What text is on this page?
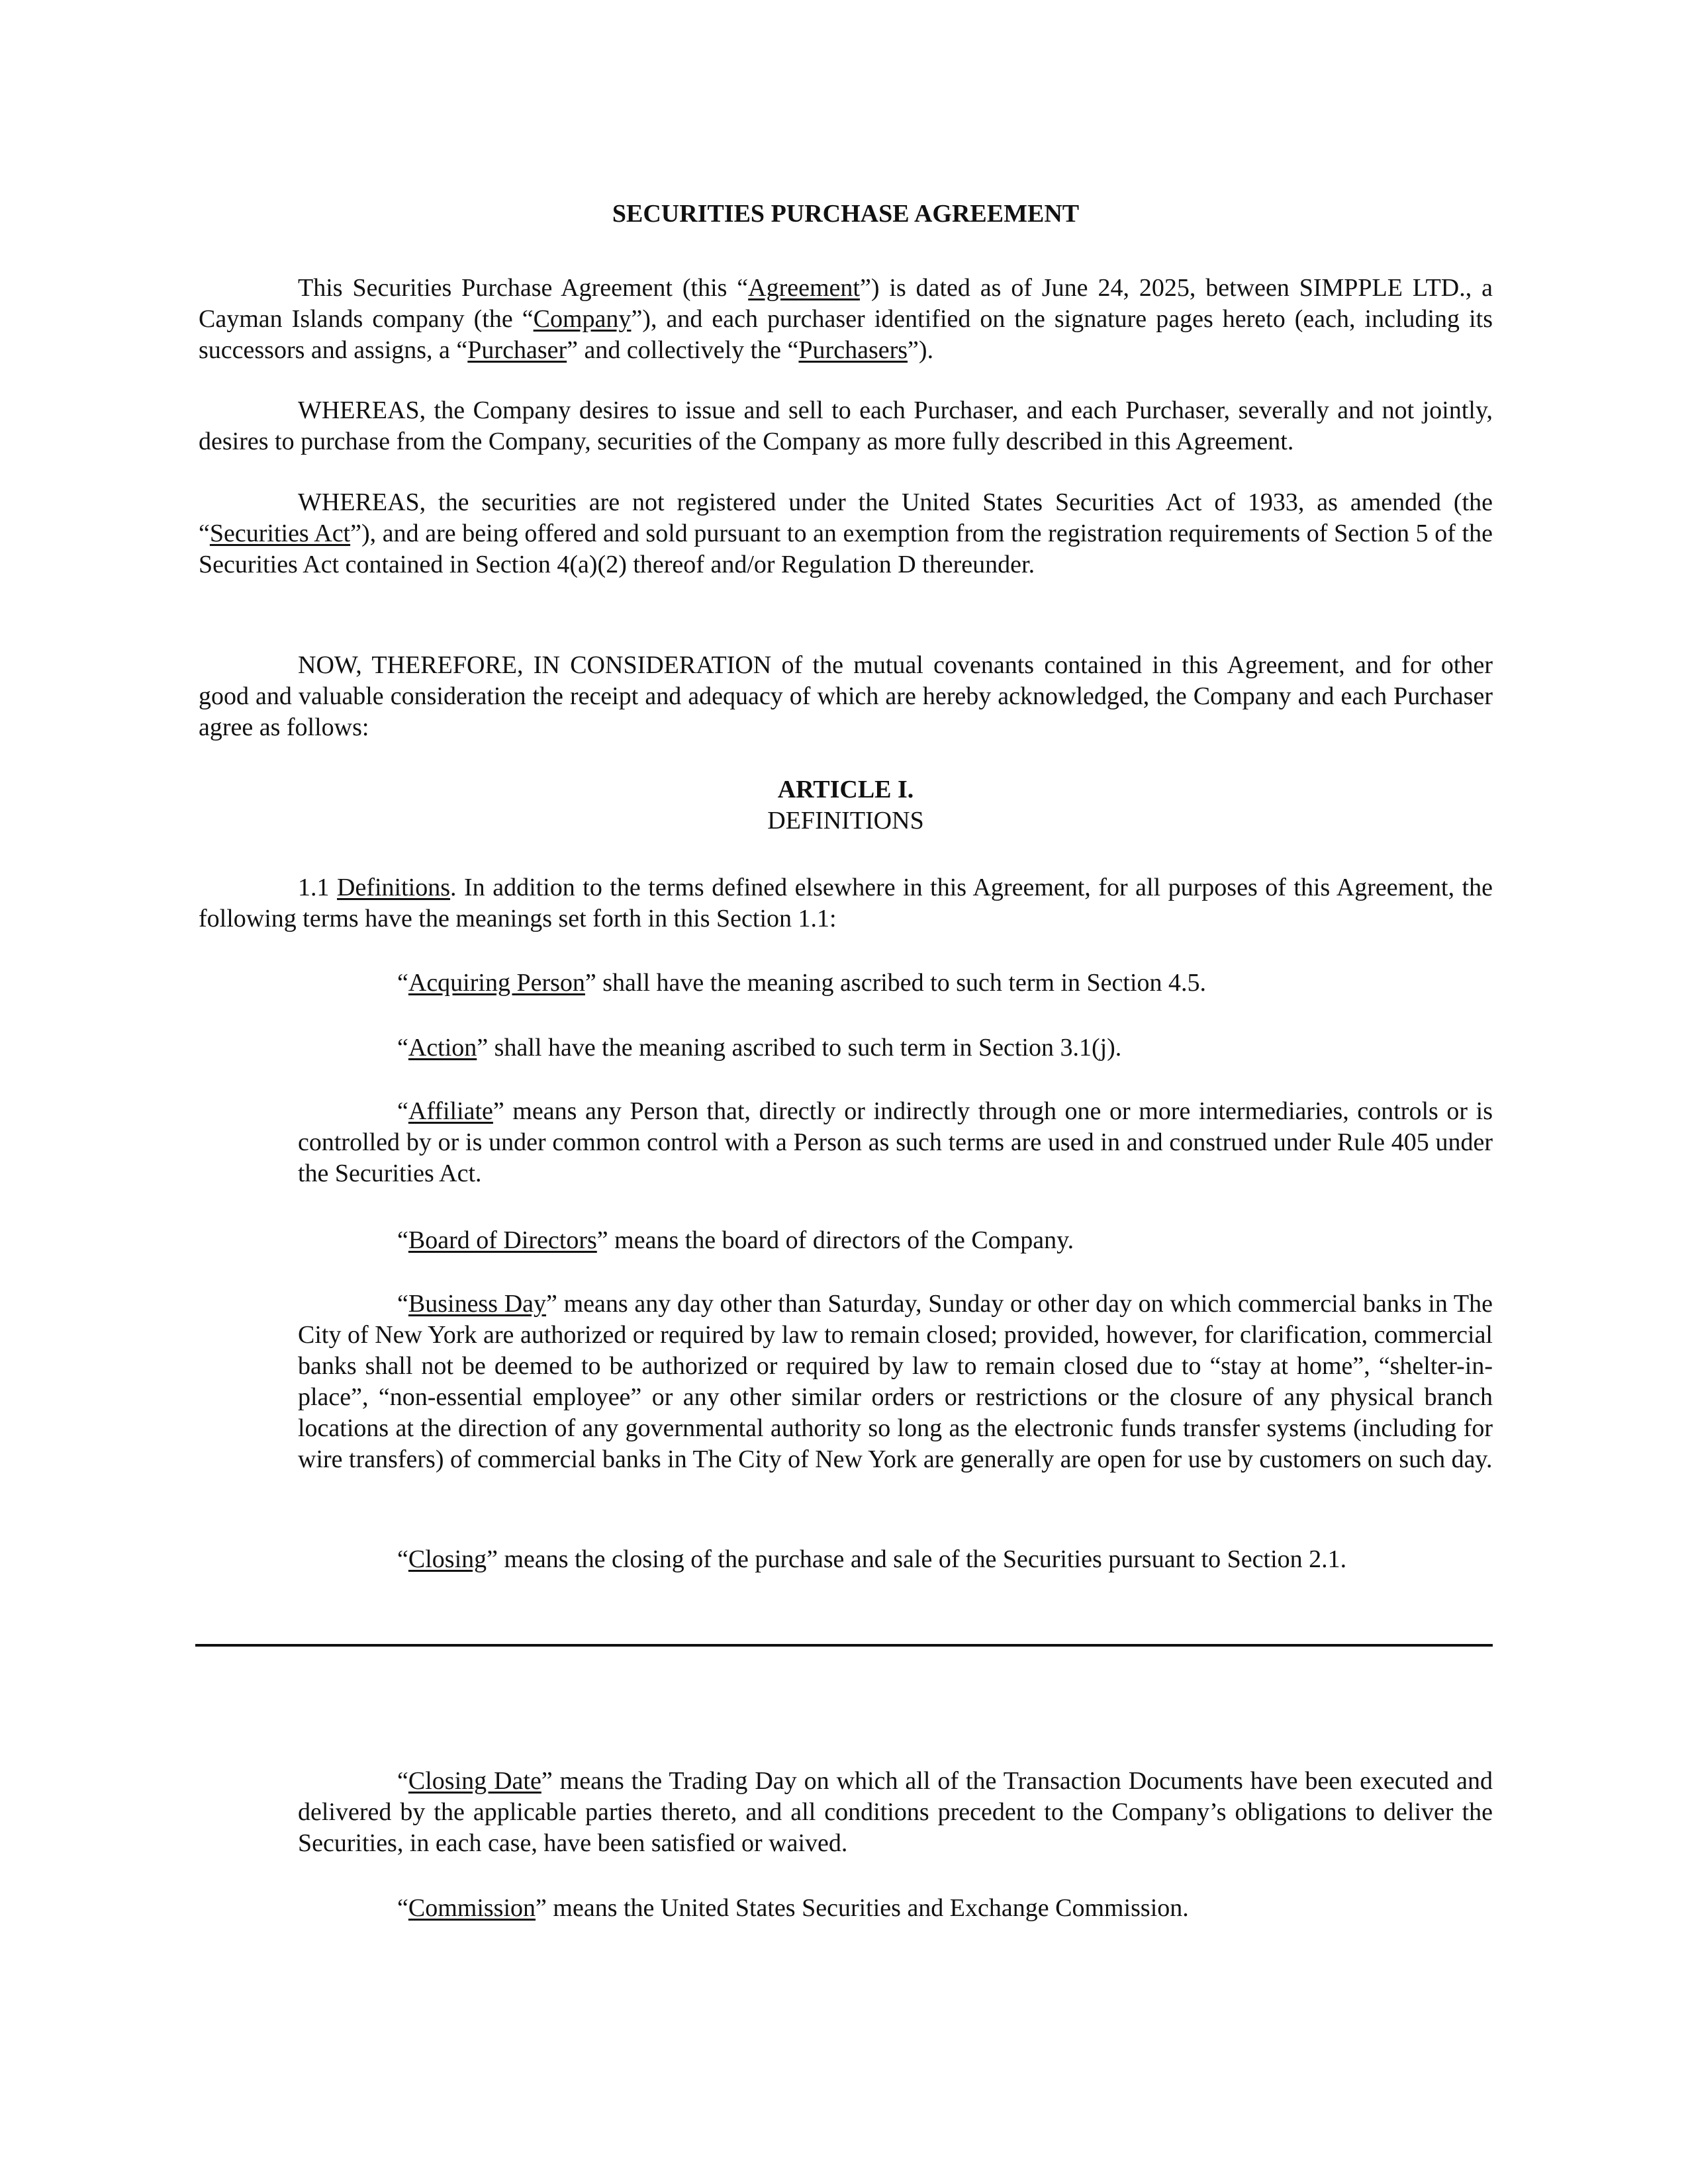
SECURITIES PURCHASE AGREEMENT

This Securities Purchase Agreement (this “Agreement”) is dated as of June 24, 2025, between SIMPPLE LTD., a Cayman Islands company (the “Company”), and each purchaser identified on the signature pages hereto (each, including its successors and assigns, a “Purchaser” and collectively the “Purchasers”).

WHEREAS, the Company desires to issue and sell to each Purchaser, and each Purchaser, severally and not jointly, desires to purchase from the Company, securities of the Company as more fully described in this Agreement.

WHEREAS, the securities are not registered under the United States Securities Act of 1933, as amended (the “Securities Act”), and are being offered and sold pursuant to an exemption from the registration requirements of Section 5 of the Securities Act contained in Section 4(a)(2) thereof and/or Regulation D thereunder.

NOW, THEREFORE, IN CONSIDERATION of the mutual covenants contained in this Agreement, and for other good and valuable consideration the receipt and adequacy of which are hereby acknowledged, the Company and each Purchaser agree as follows:

ARTICLE I.
DEFINITIONS

1.1 Definitions. In addition to the terms defined elsewhere in this Agreement, for all purposes of this Agreement, the following terms have the meanings set forth in this Section 1.1:

“Acquiring Person” shall have the meaning ascribed to such term in Section 4.5.

“Action” shall have the meaning ascribed to such term in Section 3.1(j).

“Affiliate” means any Person that, directly or indirectly through one or more intermediaries, controls or is controlled by or is under common control with a Person as such terms are used in and construed under Rule 405 under the Securities Act.

“Board of Directors” means the board of directors of the Company.

“Business Day” means any day other than Saturday, Sunday or other day on which commercial banks in The City of New York are authorized or required by law to remain closed; provided, however, for clarification, commercial banks shall not be deemed to be authorized or required by law to remain closed due to “stay at home”, “shelter-in-place”, “non-essential employee” or any other similar orders or restrictions or the closure of any physical branch locations at the direction of any governmental authority so long as the electronic funds transfer systems (including for wire transfers) of commercial banks in The City of New York are generally are open for use by customers on such day.

“Closing” means the closing of the purchase and sale of the Securities pursuant to Section 2.1.

“Closing Date” means the Trading Day on which all of the Transaction Documents have been executed and delivered by the applicable parties thereto, and all conditions precedent to the Company’s obligations to deliver the Securities, in each case, have been satisfied or waived.

“Commission” means the United States Securities and Exchange Commission.
